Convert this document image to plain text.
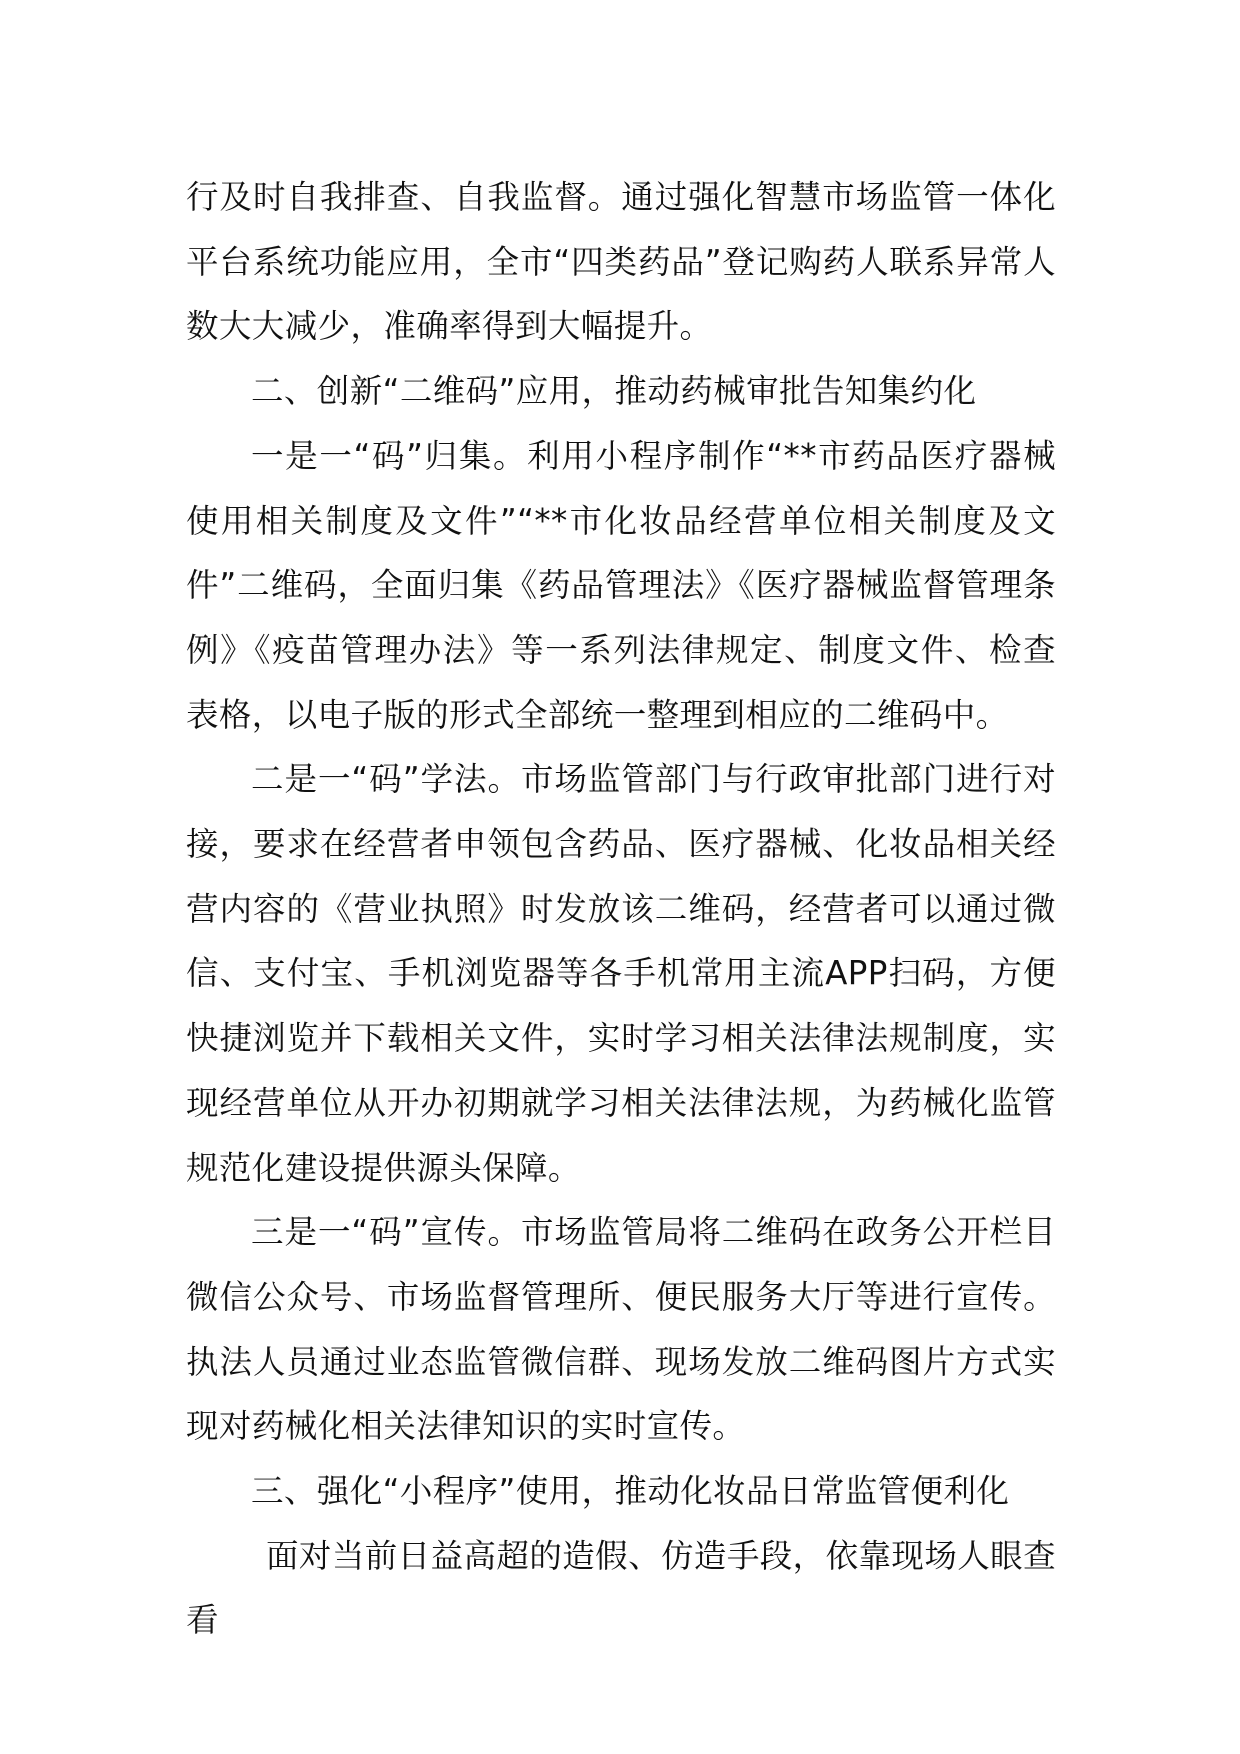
行及时自我排查、自我监督。通过强化智慧市场监管一体化平台系统功能应用，全市“四类药品”登记购药人联系异常人数大大减少，准确率得到大幅提升。

二、创新“二维码”应用，推动药械审批告知集约化

一是一“码”归集。利用小程序制作“**市药品医疗器械使用相关制度及文件”“**市化妆品经营单位相关制度及文件”二维码，全面归集《药品管理法》《医疗器械监督管理条例》《疫苗管理办法》等一系列法律规定、制度文件、检查表格，以电子版的形式全部统一整理到相应的二维码中。

二是一“码”学法。市场监管部门与行政审批部门进行对接，要求在经营者申领包含药品、医疗器械、化妆品相关经营内容的《营业执照》时发放该二维码，经营者可以通过微信、支付宝、手机浏览器等各手机常用主流APP扫码，方便快捷浏览并下载相关文件，实时学习相关法律法规制度，实现经营单位从开办初期就学习相关法律法规，为药械化监管规范化建设提供源头保障。

三是一“码”宣传。市场监管局将二维码在政务公开栏目微信公众号、市场监督管理所、便民服务大厅等进行宣传。执法人员通过业态监管微信群、现场发放二维码图片方式实现对药械化相关法律知识的实时宣传。

三、强化“小程序”使用，推动化妆品日常监管便利化

面对当前日益高超的造假、仿造手段，依靠现场人眼查看
